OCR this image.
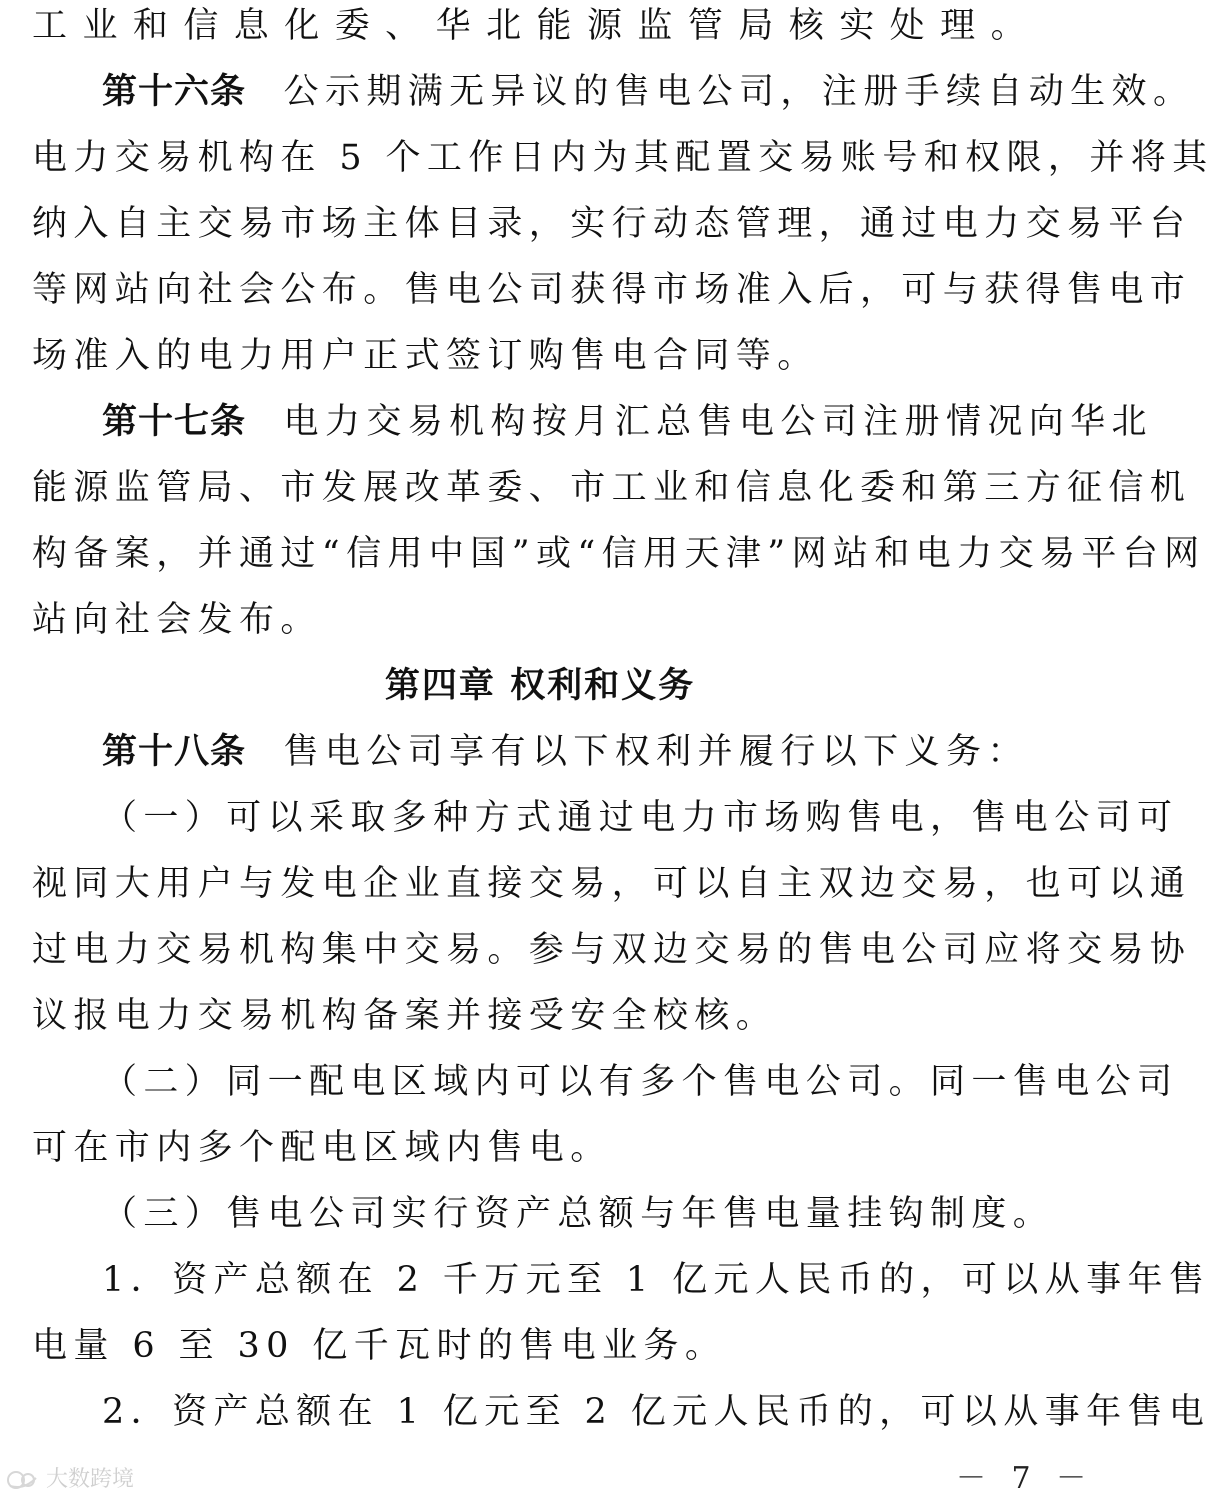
工业和信息化委、华北能源监管局核实处理。
第十六条 公示期满无异议的售电公司，注册手续自动生效。
电力交易机构在 5 个工作日内为其配置交易账号和权限，并将其
纳入自主交易市场主体目录，实行动态管理，通过电力交易平台
等网站向社会公布。售电公司获得市场准入后，可与获得售电市
场准入的电力用户正式签订购售电合同等。
第十七条 电力交易机构按月汇总售电公司注册情况向华北
能源监管局、市发展改革委、市工业和信息化委和第三方征信机
构备案，并通过“信用中国”或“信用天津”网站和电力交易平台网
站向社会发布。
第四章 权利和义务
第十八条 售电公司享有以下权利并履行以下义务：
（一）可以采取多种方式通过电力市场购售电，售电公司可
视同大用户与发电企业直接交易，可以自主双边交易，也可以通
过电力交易机构集中交易。参与双边交易的售电公司应将交易协
议报电力交易机构备案并接受安全校核。
（二）同一配电区域内可以有多个售电公司。同一售电公司
可在市内多个配电区域内售电。
（三）售电公司实行资产总额与年售电量挂钩制度。
1．资产总额在 2 千万元至 1 亿元人民币的，可以从事年售
电量 6 至 30 亿千瓦时的售电业务。
2．资产总额在 1 亿元至 2 亿元人民币的，可以从事年售电
大数跨境	－ 7 －
